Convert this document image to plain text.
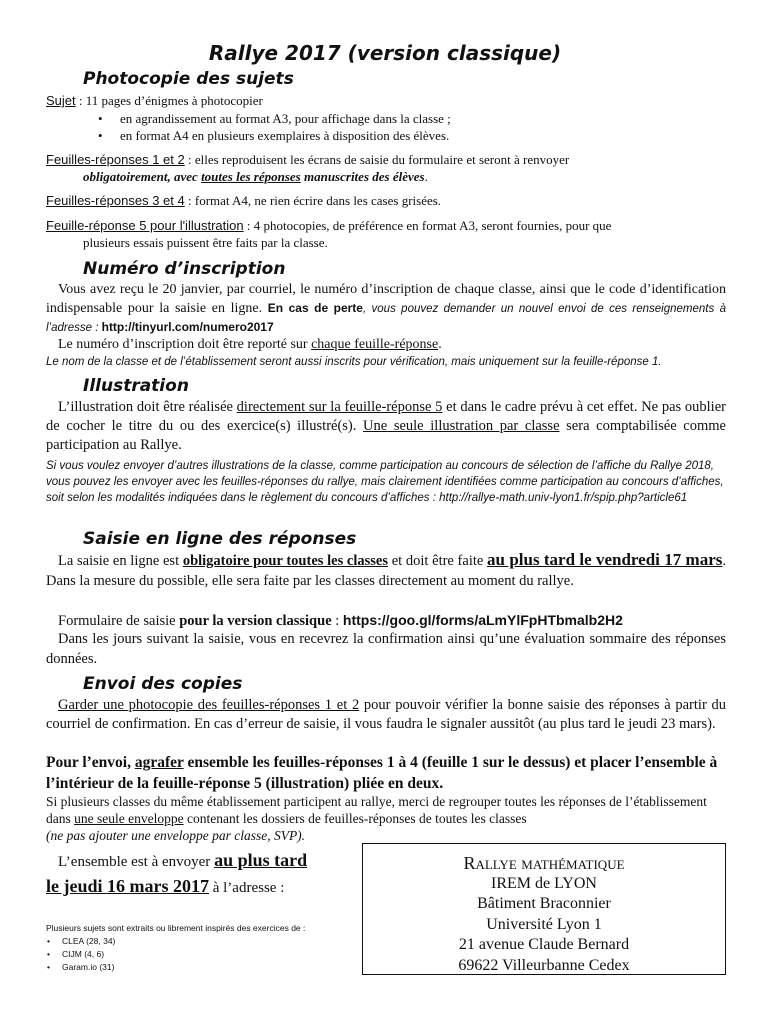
Rallye 2017 (version classique)
Photocopie des sujets
Sujet : 11 pages d’énigmes à photocopier
• en agrandissement au format A3, pour affichage dans la classe ;
• en format A4 en plusieurs exemplaires à disposition des élèves.
Feuilles-réponses 1 et 2 : elles reproduisent les écrans de saisie du formulaire et seront à renvoyer
obligatoirement, avec toutes les réponses manuscrites des élèves.
Feuilles-réponses 3 et 4 : format A4, ne rien écrire dans les cases grisées.
Feuille-réponse 5 pour l'illustration : 4 photocopies, de préférence en format A3, seront fournies, pour que
plusieurs essais puissent être faits par la classe.
Numéro d’inscription
Vous avez reçu le 20 janvier, par courriel, le numéro d’inscription de chaque classe, ainsi que le code d’identification indispensable pour la saisie en ligne. En cas de perte, vous pouvez demander un nouvel envoi de ces renseignements à l’adresse : http://tinyurl.com/numero2017
Le numéro d’inscription doit être reporté sur chaque feuille-réponse.
Le nom de la classe et de l’établissement seront aussi inscrits pour vérification, mais uniquement sur la feuille-réponse 1.
Illustration
L’illustration doit être réalisée directement sur la feuille-réponse 5 et dans le cadre prévu à cet effet. Ne pas oublier de cocher le titre du ou des exercice(s) illustré(s). Une seule illustration par classe sera comptabilisée comme participation au Rallye.
Si vous voulez envoyer d’autres illustrations de la classe, comme participation au concours de sélection de l’affiche du Rallye 2018, vous pouvez les envoyer avec les feuilles-réponses du rallye, mais clairement identifiées comme participation au concours d’affiches, soit selon les modalités indiquées dans le règlement du concours d’affiches : http://rallye-math.univ-lyon1.fr/spip.php?article61
Saisie en ligne des réponses
La saisie en ligne est obligatoire pour toutes les classes et doit être faite au plus tard le vendredi 17 mars. Dans la mesure du possible, elle sera faite par les classes directement au moment du rallye.
Formulaire de saisie pour la version classique : https://goo.gl/forms/aLmYlFpHTbmalb2H2
Dans les jours suivant la saisie, vous en recevrez la confirmation ainsi qu’une évaluation sommaire des réponses données.
Envoi des copies
Garder une photocopie des feuilles-réponses 1 et 2 pour pouvoir vérifier la bonne saisie des réponses à partir du courriel de confirmation. En cas d’erreur de saisie, il vous faudra le signaler aussitôt (au plus tard le jeudi 23 mars).
Pour l’envoi, agrafer ensemble les feuilles-réponses 1 à 4 (feuille 1 sur le dessus) et placer l’ensemble à l’intérieur de la feuille-réponse 5 (illustration) pliée en deux.
Si plusieurs classes du même établissement participent au rallye, merci de regrouper toutes les réponses de l’établissement dans une seule enveloppe contenant les dossiers de feuilles-réponses de toutes les classes
(ne pas ajouter une enveloppe par classe, SVP).
L’ensemble est à envoyer au plus tard
le jeudi 16 mars 2017 à l’adresse :
Rallye mathématique
IREM de LYON
Bâtiment Braconnier
Université Lyon 1
21 avenue Claude Bernard
69622 Villeurbanne Cedex
Plusieurs sujets sont extraits ou librement inspirés des exercices de :
• CLEA (28, 34)
• CIJM (4, 6)
• Garam.io (31)
